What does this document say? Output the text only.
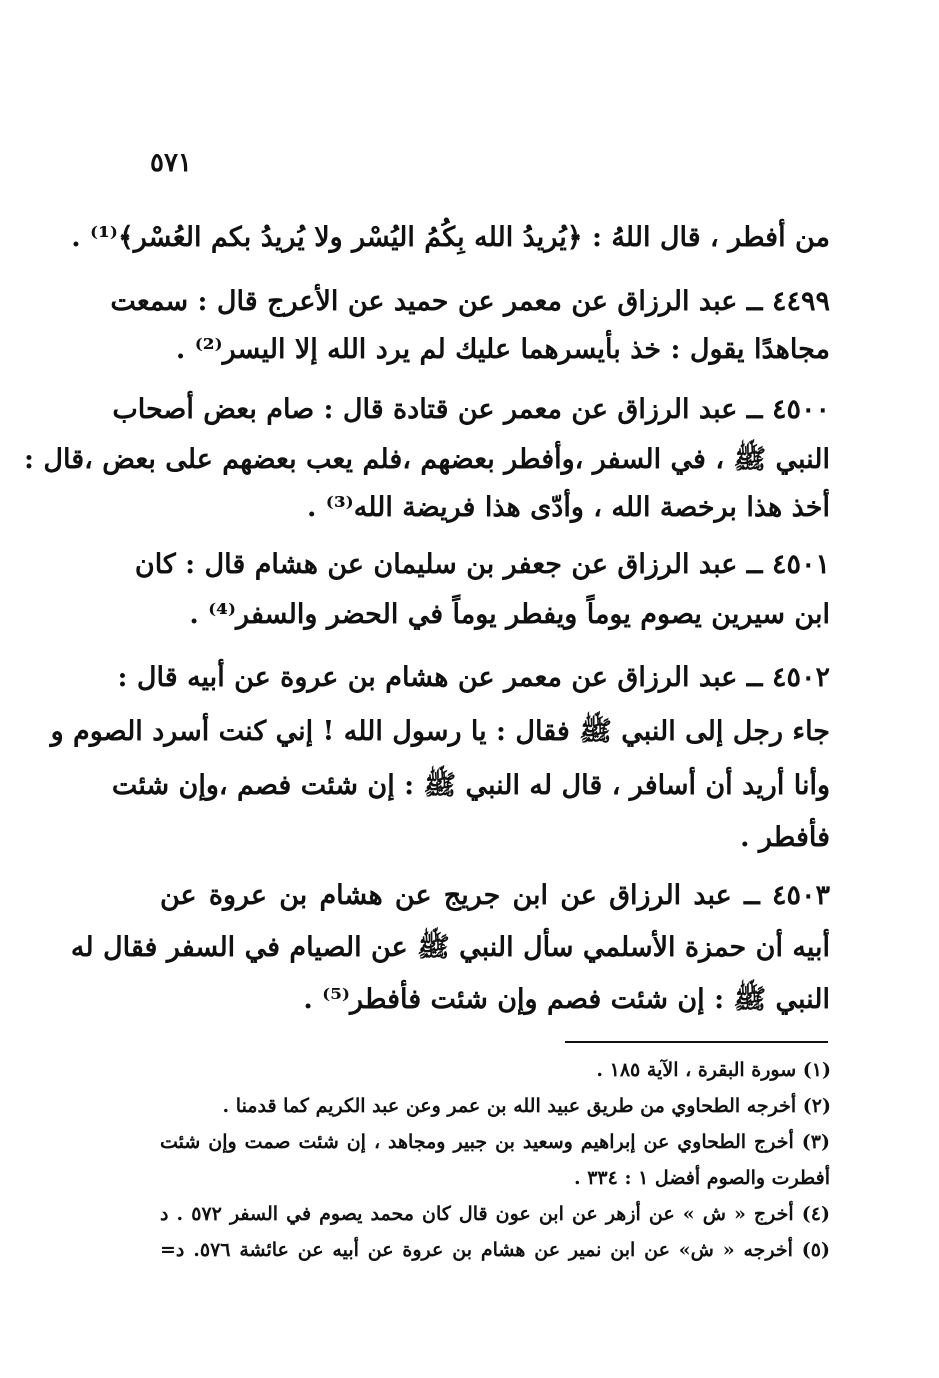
٥٧١
من أفطر ، قال اللهُ : ﴿يُريدُ الله بِكُمُ اليُسْر ولا يُريدُ بكم العُسْر﴾⁽¹⁾ .
٤٤٩٩ ــ عبد الرزاق عن معمر عن حميد عن الأعرج قال : سمعت
مجاهدًا يقول : خذ بأيسرهما عليك لم يرد الله إلا اليسر⁽²⁾ .
٤٥٠٠ ــ عبد الرزاق عن معمر عن قتادة قال : صام بعض أصحاب
النبي ﷺ ، في السفر ،وأفطر بعضهم ،فلم يعب بعضهم على بعض ،قال :
أخذ هذا برخصة الله ، وأدّى هذا فريضة الله⁽³⁾ .
٤٥٠١ ــ عبد الرزاق عن جعفر بن سليمان عن هشام قال : كان
ابن سيرين يصوم يوماً ويفطر يوماً في الحضر والسفر⁽⁴⁾ .
٤٥٠٢ ــ عبد الرزاق عن معمر عن هشام بن عروة عن أبيه قال :
جاء رجل إلى النبي ﷺ فقال : يا رسول الله ! إني كنت أسرد الصوم و
وأنا أريد أن أسافر ، قال له النبي ﷺ : إن شئت فصم ،وإن شئت
فأفطر .
٤٥٠٣ ــ عبد الرزاق عن ابن جريج عن هشام بن عروة عن
أبيه أن حمزة الأسلمي سأل النبي ﷺ عن الصيام في السفر فقال له
النبي ﷺ : إن شئت فصم وإن شئت فأفطر⁽⁵⁾ .
(١) سورة البقرة ، الآية ١٨٥ .
(٢) أخرجه الطحاوي من طريق عبيد الله بن عمر وعن عبد الكريم كما قدمنا .
(٣) أخرج الطحاوي عن إبراهيم وسعيد بن جبير ومجاهد ، إن شئت صمت وإن شئت
أفطرت والصوم أفضل ١ : ٣٣٤ .
(٤) أخرج « ش » عن أزهر عن ابن عون قال كان محمد يصوم في السفر ٥٧٢ . د
(٥) أخرجه « ش» عن ابن نمير عن هشام بن عروة عن أبيه عن عائشة ٥٧٦. د=
